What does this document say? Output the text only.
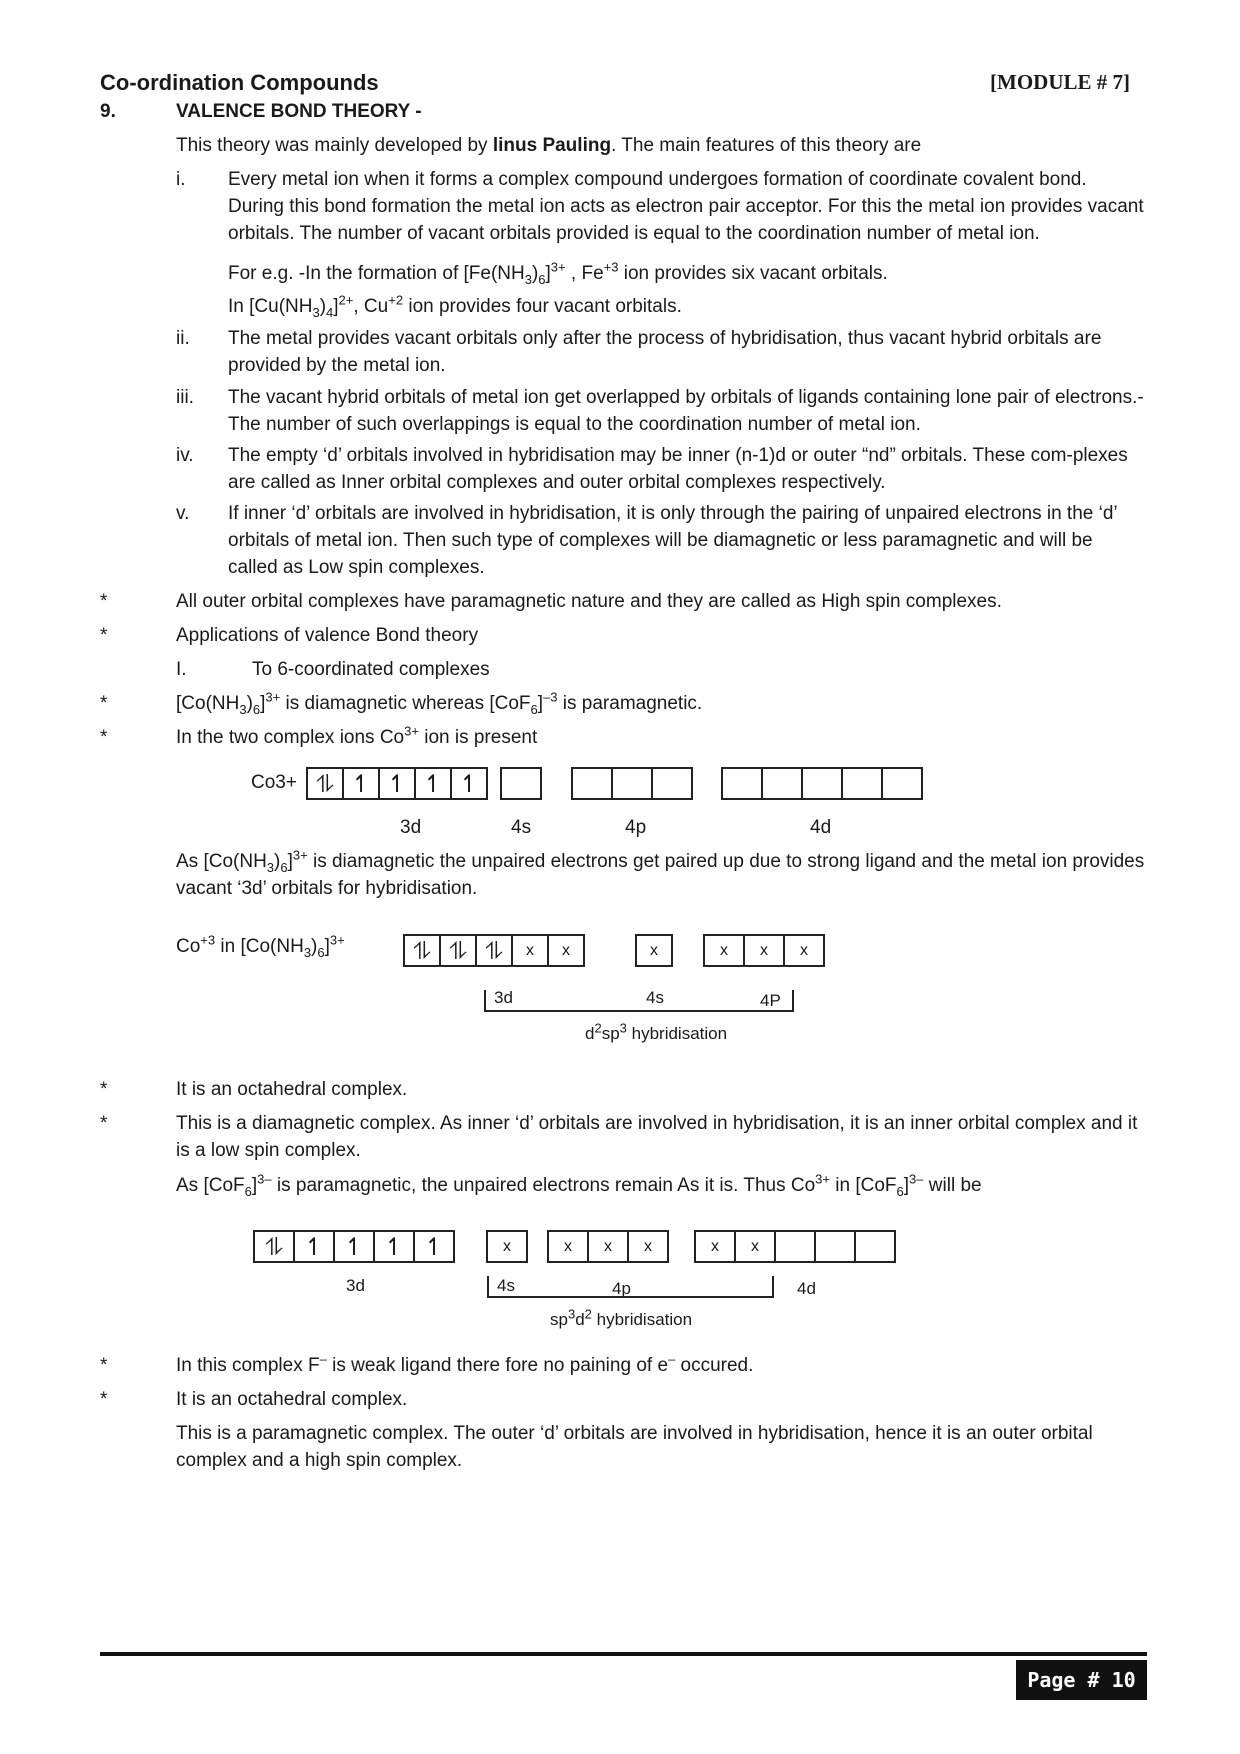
Co-ordination Compounds	[MODULE # 7]
9.	VALENCE BOND THEORY -
This theory was mainly developed by linus Pauling. The main features of this theory are
i. Every metal ion when it forms a complex compound undergoes formation of coordinate covalent bond. During this bond formation the metal ion acts as electron pair acceptor. For this the metal ion provides vacant orbitals. The number of vacant orbitals provided is equal to the coordination number of metal ion.
For e.g. -In the formation of $[Fe(NH_3)_6]^{3+}$ , $Fe^{+3}$ ion provides six vacant orbitals.
In $[Cu(NH_3)_4]^{2+}$, $Cu^{+2}$ ion provides four vacant orbitals.
ii. The metal provides vacant orbitals only after the process of hybridisation, thus vacant hybrid orbitals are provided by the metal ion.
iii. The vacant hybrid orbitals of metal ion get overlapped by orbitals of ligands containing lone pair of electrons.- The number of such overlappings is equal to the coordination number of metal ion.
iv. The empty ‘d’ orbitals involved in hybridisation may be inner (n-1)d or outer “nd” orbitals. These com-plexes are called as Inner orbital complexes and outer orbital complexes respectively.
v. If inner ‘d’ orbitals are involved in hybridisation, it is only through the pairing of unpaired electrons in the ‘d’ orbitals of metal ion. Then such type of complexes will be diamagnetic or less paramagnetic and will be called as Low spin complexes.
*	All outer orbital complexes have paramagnetic nature and they are called as High spin complexes.
*	Applications of valence Bond theory
I.	To 6-coordinated complexes
*	$[Co(NH_3)_6]^{3+}$ is diamagnetic whereas $[CoF_6]^{-3}$ is paramagnetic.
*	In the two complex ions $Co^{3+}$ ion is present
Co3+ ⥮ ↿ ↿ ↿ ↿
3d	4s	4p	4d
As $[Co(NH_3)_6]^{3+}$ is diamagnetic the unpaired electrons get paired up due to strong ligand and the metal ion provides vacant ‘3d’ orbitals for hybridisation.
$Co^{+3}$ in $[Co(NH_3)_6]^{3+}$	⥮ ⥮ ⥮	x	x	x	x	x	x
3d	4s	4P
$d^2sp^3$ hybridisation
*	It is an octahedral complex.
*	This is a diamagnetic complex. As inner ‘d’ orbitals are involved in hybridisation, it is an inner orbital complex and it is a low spin complex.
As $[CoF_6]^{3-}$ is paramagnetic, the unpaired electrons remain As it is. Thus $Co^{3+}$ in $[CoF_6]^{3-}$ will be
⥮ ↿ ↿ ↿ ↿	x	x	x	x	x	x
3d	4s	4p	4d
$sp^3d^2$ hybridisation
*	In this complex F– is weak ligand there fore no paining of e– occured.
*	It is an octahedral complex.
This is a paramagnetic complex. The outer ‘d’ orbitals are involved in hybridisation, hence it is an outer orbital complex and a high spin complex.
Page # 10
